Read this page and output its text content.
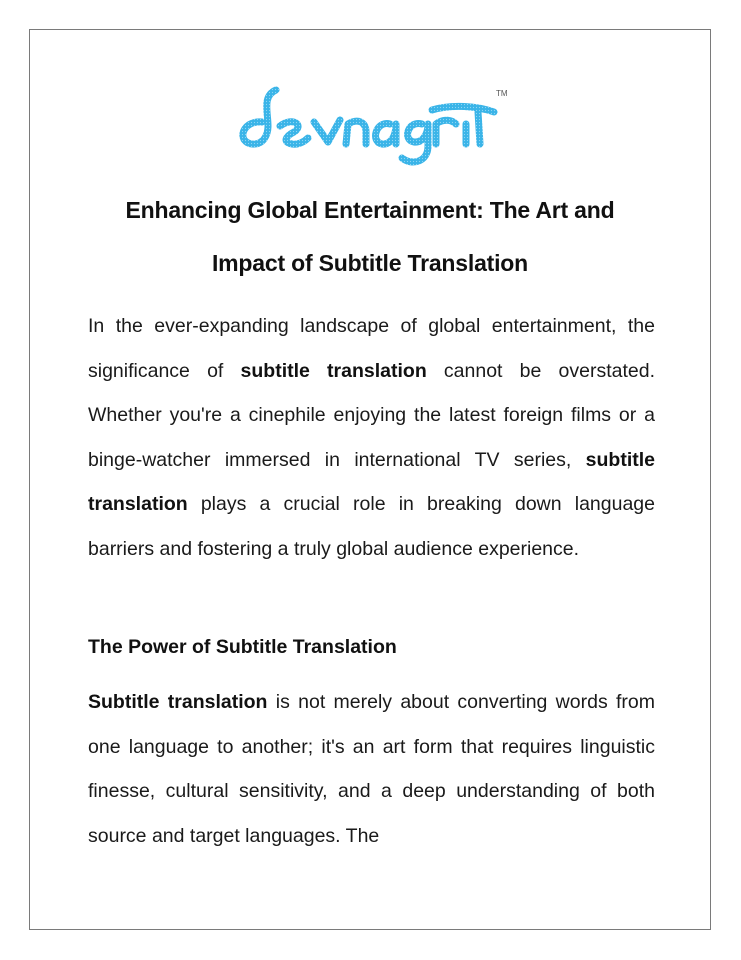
TM
Enhancing Global Entertainment: The Art and
Impact of Subtitle Translation

In the ever-expanding landscape of global entertainment, the significance of subtitle translation cannot be overstated. Whether you're a cinephile enjoying the latest foreign films or a binge-watcher immersed in international TV series, subtitle translation plays a crucial role in breaking down language barriers and fostering a truly global audience experience.

The Power of Subtitle Translation

Subtitle translation is not merely about converting words from one language to another; it's an art form that requires linguistic finesse, cultural sensitivity, and a deep understanding of both source and target languages. The
